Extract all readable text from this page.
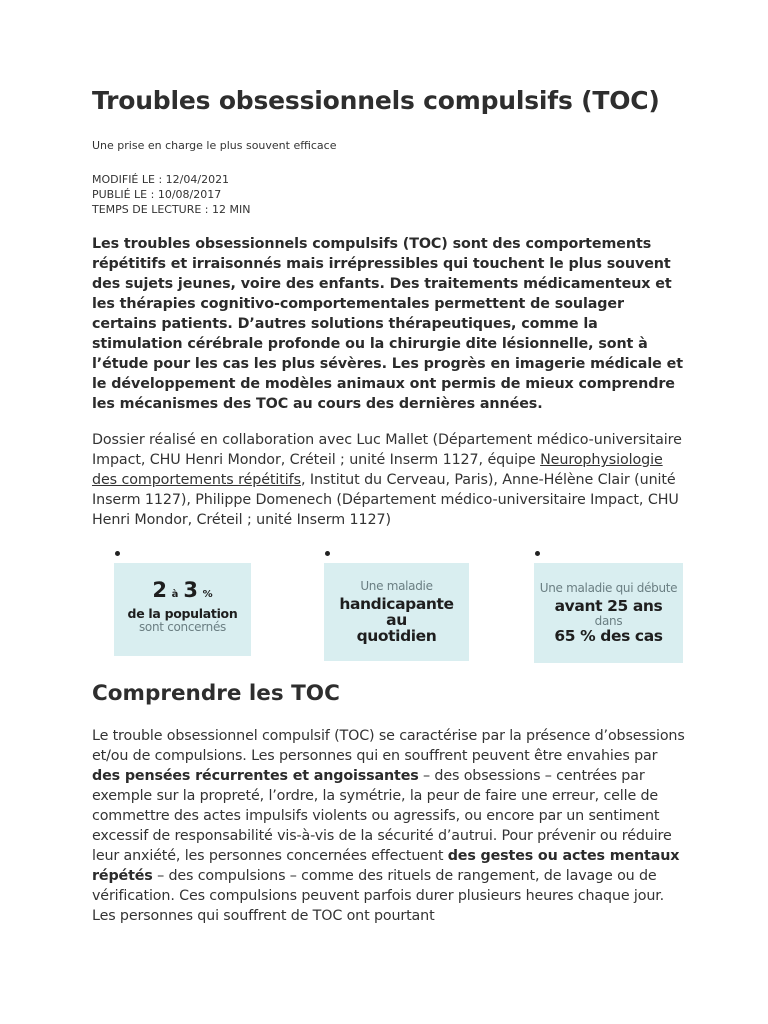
Troubles obsessionnels compulsifs (TOC)
Une prise en charge le plus souvent efficace
MODIFIÉ LE : 12/04/2021
PUBLIÉ LE : 10/08/2017
TEMPS DE LECTURE : 12 MIN

Les troubles obsessionnels compulsifs (TOC) sont des comportements répétitifs et irraisonnés mais irrépressibles qui touchent le plus souvent des sujets jeunes, voire des enfants. Des traitements médicamenteux et les thérapies cognitivo-comportementales permettent de soulager certains patients. D’autres solutions thérapeutiques, comme la stimulation cérébrale profonde ou la chirurgie dite lésionnelle, sont à l’étude pour les cas les plus sévères. Les progrès en imagerie médicale et le développement de modèles animaux ont permis de mieux comprendre les mécanismes des TOC au cours des dernières années.

Dossier réalisé en collaboration avec Luc Mallet (Département médico-universitaire Impact, CHU Henri Mondor, Créteil ; unité Inserm 1127, équipe Neurophysiologie des comportements répétitifs, Institut du Cerveau, Paris), Anne-Hélène Clair (unité Inserm 1127), Philippe Domenech (Département médico-universitaire Impact, CHU Henri Mondor, Créteil ; unité Inserm 1127)

2 à 3 %
de la population
sont concernés
Une maladie
handicapante
au
quotidien
Une maladie qui débute
avant 25 ans
dans
65 % des cas
Comprendre les TOC

Le trouble obsessionnel compulsif (TOC) se caractérise par la présence d’obsessions et/ou de compulsions. Les personnes qui en souffrent peuvent être envahies par des pensées récurrentes et angoissantes – des obsessions – centrées par exemple sur la propreté, l’ordre, la symétrie, la peur de faire une erreur, celle de commettre des actes impulsifs violents ou agressifs, ou encore par un sentiment excessif de responsabilité vis-à-vis de la sécurité d’autrui. Pour prévenir ou réduire leur anxiété, les personnes concernées effectuent des gestes ou actes mentaux répétés – des compulsions – comme des rituels de rangement, de lavage ou de vérification. Ces compulsions peuvent parfois durer plusieurs heures chaque jour. Les personnes qui souffrent de TOC ont pourtant
